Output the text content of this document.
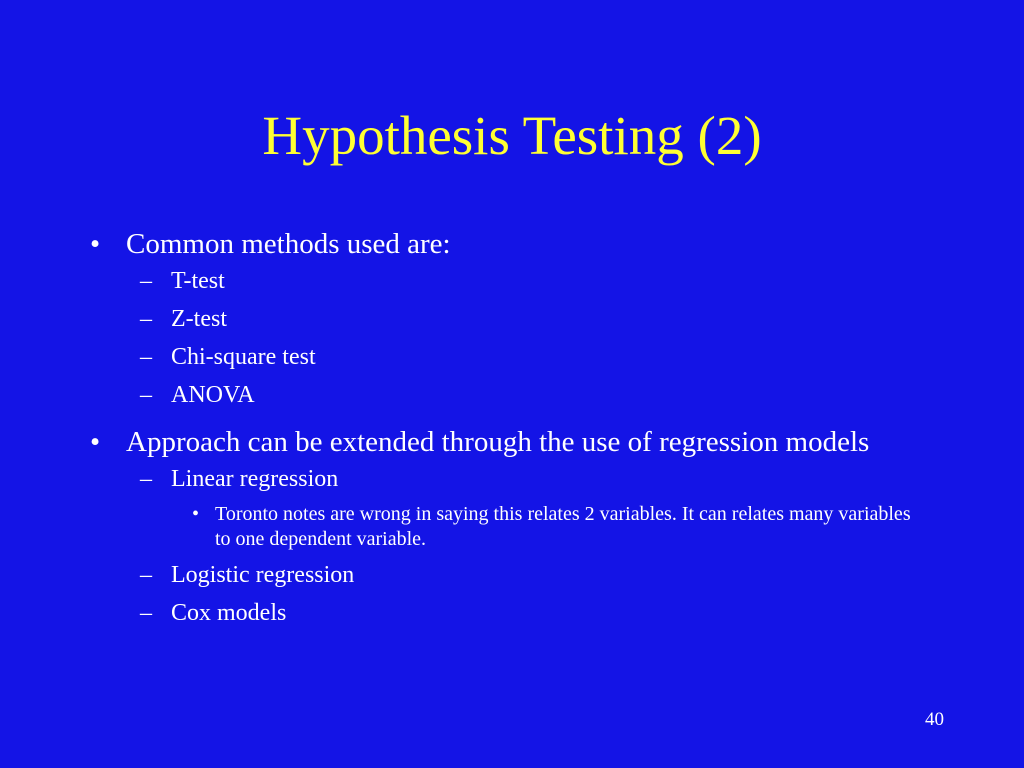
Hypothesis Testing (2)
• Common methods used are:
– T-test
– Z-test
– Chi-square test
– ANOVA
• Approach can be extended through the use of regression models
– Linear regression
• Toronto notes are wrong in saying this relates 2 variables. It can relates many variables to one dependent variable.
– Logistic regression
– Cox models
40
